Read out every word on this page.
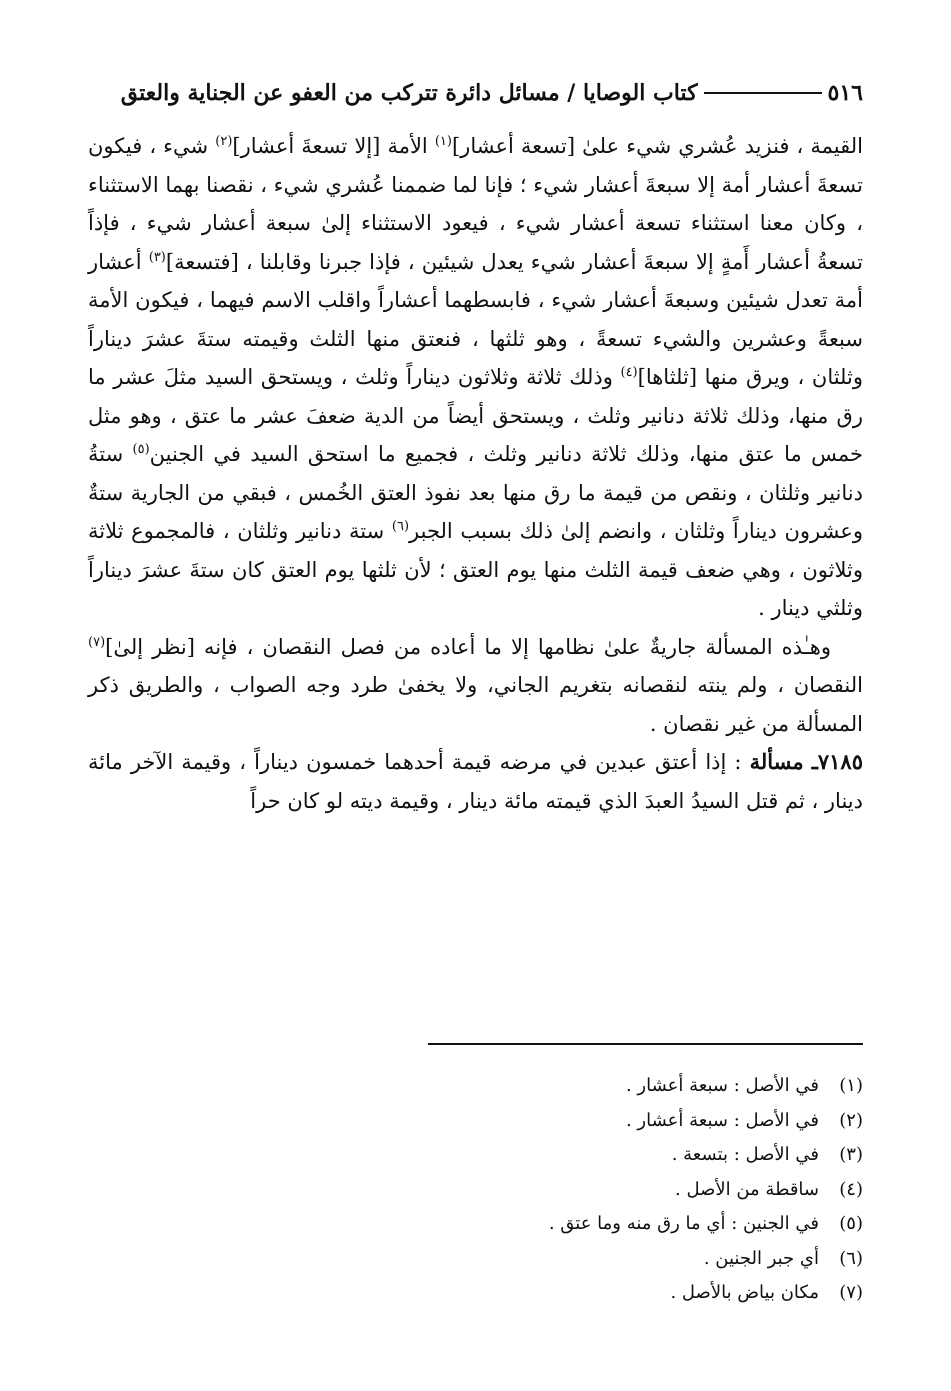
٥١٦
كتاب الوصايا / مسائل دائرة تتركب من العفو عن الجناية والعتق

القيمة ، فنزيد عُشري شيء علىٰ [تسعة أعشار]$^{(١)}$ الأمة [إلا تسعةَ أعشار]$^{(٢)}$ شيء ، فيكون تسعةَ أعشار أمة إلا سبعةَ أعشار شيء ؛ فإنا لما ضممنا عُشري شيء ، نقصنا بهما الاستثناء ، وكان معنا استثناء تسعة أعشار شيء ، فيعود الاستثناء إلىٰ سبعة أعشار شيء ، فإذاً تسعةُ أعشار أَمةٍ إلا سبعةَ أعشار شيء يعدل شيئين ، فإذا جبرنا وقابلنا ، [فتسعة]$^{(٣)}$ أعشار أمة تعدل شيئين وسبعةَ أعشار شيء ، فابسطهما أعشاراً واقلب الاسم فيهما ، فيكون الأمة سبعةً وعشرين والشيء تسعةً ، وهو ثلثها ، فنعتق منها الثلث وقيمته ستةَ عشرَ ديناراً وثلثان ، ويرق منها [ثلثاها]$^{(٤)}$ وذلك ثلاثة وثلاثون ديناراً وثلث ، ويستحق السيد مثلَ عشر ما رق منها، وذلك ثلاثة دنانير وثلث ، ويستحق أيضاً من الدية ضعفَ عشر ما عتق ، وهو مثل خمس ما عتق منها، وذلك ثلاثة دنانير وثلث ، فجميع ما استحق السيد في الجنين$^{(٥)}$ ستةُ دنانير وثلثان ، ونقص من قيمة ما رق منها بعد نفوذ العتق الخُمس ، فبقي من الجارية ستةٌ وعشرون ديناراً وثلثان ، وانضم إلىٰ ذلك بسبب الجبر$^{(٦)}$ ستة دنانير وثلثان ، فالمجموع ثلاثة وثلاثون ، وهي ضعف قيمة الثلث منها يوم العتق ؛ لأن ثلثها يوم العتق كان ستةَ عشرَ ديناراً وثلثي دينار .

وهـٰذه المسألة جاريةٌ علىٰ نظامها إلا ما أعاده من فصل النقصان ، فإنه [نظر إلىٰ]$^{(٧)}$ النقصان ، ولم ينته لنقصانه بتغريم الجاني، ولا يخفىٰ طرد وجه الصواب ، والطريق ذكر المسألة من غير نقصان .

٧١٨٥ـ مسألة : إذا أعتق عبدين في مرضه قيمة أحدهما خمسون ديناراً ، وقيمة الآخر مائة دينار ، ثم قتل السيدُ العبدَ الذي قيمته مائة دينار ، وقيمة ديته لو كان حراً

(١)
في الأصل : سبعة أعشار .
(٢)
في الأصل : سبعة أعشار .
(٣)
في الأصل : بتسعة .
(٤)
ساقطة من الأصل .
(٥)
في الجنين : أي ما رق منه وما عتق .
(٦)
أي جبر الجنين .
(٧)
مكان بياض بالأصل .
